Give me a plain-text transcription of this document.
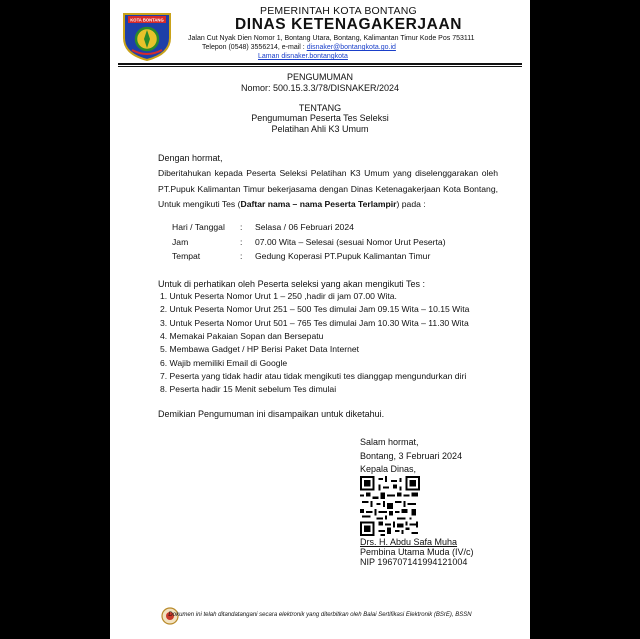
KOTA BONTANG
PEMERINTAH KOTA BONTANG
DINAS KETENAGAKERJAAN
Jalan Cut Nyak Dien Nomor 1, Bontang Utara, Bontang, Kalimantan Timur Kode Pos 753111
Telepon (0548) 3556214, e-mail : disnaker@bontangkota.go.id
Laman disnaker.bontangkota
PENGUMUMAN
Nomor: 500.15.3.3/78/DISNAKER/2024
TENTANG
Pengumuman Peserta Tes Seleksi
Pelatihan Ahli K3 Umum
Dengan hormat,
Diberitahukan kepada Peserta Seleksi Pelatihan K3 Umum yang diselenggarakan oleh PT.Pupuk Kalimantan Timur bekerjasama dengan Dinas Ketenagakerjaan Kota Bontang, Untuk mengikuti Tes (Daftar nama – nama Peserta Terlampir) pada :
Hari / Tanggal : Selasa / 06 Februari 2024
Jam	: 07.00 Wita – Selesai (sesuai Nomor Urut Peserta)
Tempat	: Gedung Koperasi PT.Pupuk Kalimantan Timur
Untuk di perhatikan oleh Peserta seleksi yang akan mengikuti Tes :
1. Untuk Peserta Nomor Urut 1 – 250 ,hadir di jam 07.00 Wita.
2. Untuk Peserta Nomor Urut 251 – 500 Tes dimulai Jam 09.15 Wita – 10.15 Wita
3. Untuk Peserta Nomor Urut 501 – 765 Tes dimulai Jam 10.30 Wita – 11.30 Wita
4. Memakai Pakaian Sopan dan Bersepatu
5. Membawa Gadget / HP Berisi Paket Data Internet
6. Wajib memiliki Email di Google
7. Peserta yang tidak hadir atau tidak mengikuti tes dianggap mengundurkan diri
8. Peserta hadir 15 Menit sebelum Tes dimulai
Demikian Pengumuman ini disampaikan untuk diketahui.
Salam hormat,
Bontang, 3 Februari 2024
Kepala Dinas,
Drs. H. Abdu Safa Muha
Pembina Utama Muda (IV/c)
NIP 196707141994121004
Dokumen ini telah ditandatangani secara elektronik yang diterbitkan oleh Balai Sertifikasi Elektronik (BSrE), BSSN
